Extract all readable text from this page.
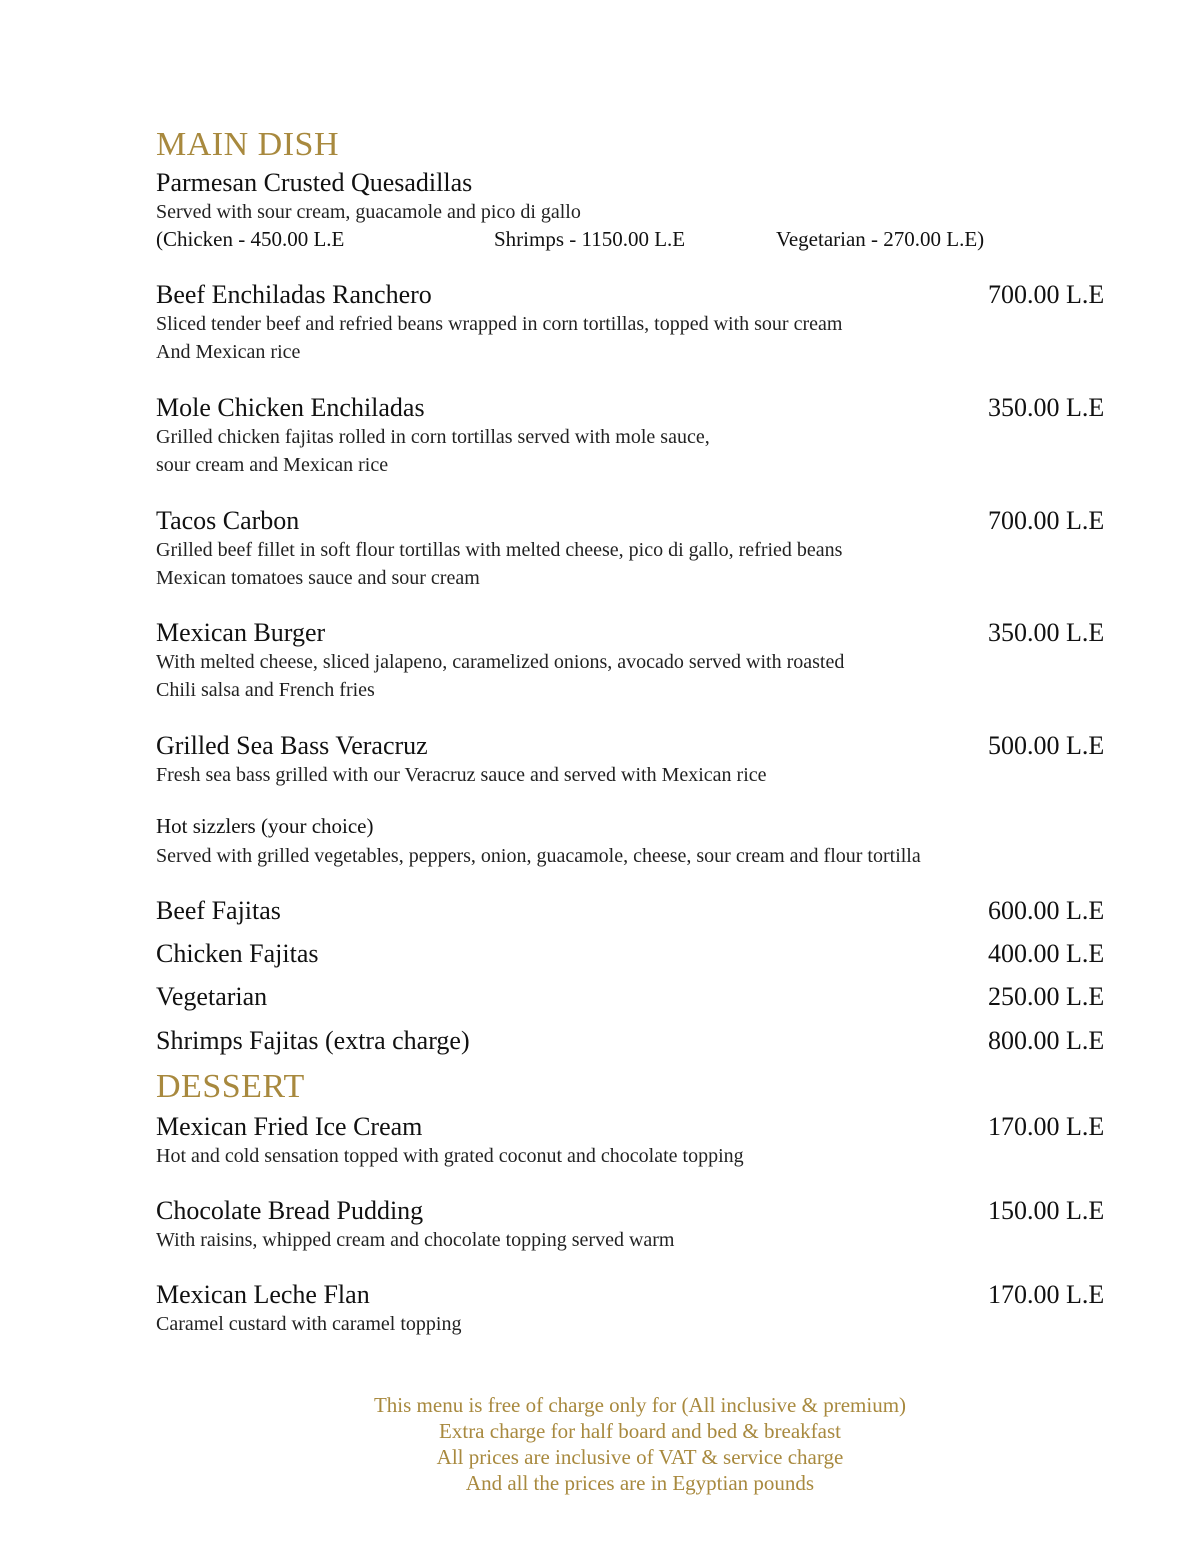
MAIN DISH
Parmesan Crusted Quesadillas
Served with sour cream, guacamole and pico di gallo
(Chicken - 450.00 L.E	Shrimps - 1150.00 L.E	Vegetarian - 270.00 L.E)
Beef Enchiladas Ranchero	700.00 L.E
Sliced tender beef and refried beans wrapped in corn tortillas, topped with sour cream
And Mexican rice
Mole Chicken Enchiladas	350.00 L.E
Grilled chicken fajitas rolled in corn tortillas served with mole sauce,
sour cream and Mexican rice
Tacos Carbon	700.00 L.E
Grilled beef fillet in soft flour tortillas with melted cheese, pico di gallo, refried beans
Mexican tomatoes sauce and sour cream
Mexican Burger	350.00 L.E
With melted cheese, sliced jalapeno, caramelized onions, avocado served with roasted
Chili salsa and French fries
Grilled Sea Bass Veracruz	500.00 L.E
Fresh sea bass grilled with our Veracruz sauce and served with Mexican rice
Hot sizzlers (your choice)
Served with grilled vegetables, peppers, onion, guacamole, cheese, sour cream and flour tortilla
Beef Fajitas	600.00 L.E
Chicken Fajitas	400.00 L.E
Vegetarian	250.00 L.E
Shrimps Fajitas (extra charge)	800.00 L.E
DESSERT
Mexican Fried Ice Cream	170.00 L.E
Hot and cold sensation topped with grated coconut and chocolate topping
Chocolate Bread Pudding	150.00 L.E
With raisins, whipped cream and chocolate topping served warm
Mexican Leche Flan	170.00 L.E
Caramel custard with caramel topping
This menu is free of charge only for (All inclusive & premium)
Extra charge for half board and bed & breakfast
All prices are inclusive of VAT & service charge
And all the prices are in Egyptian pounds
